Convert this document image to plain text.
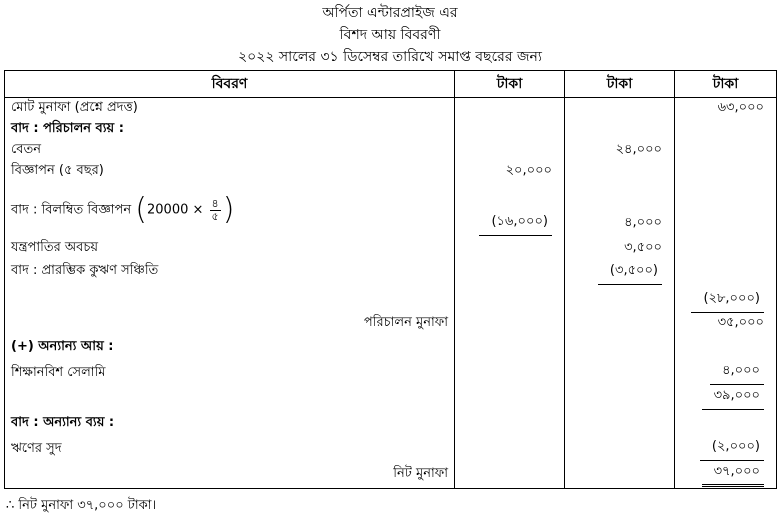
অর্পিতা এন্টারপ্রাইজ এর
বিশদ আয় বিবরণী
২০২২ সালের ৩১ ডিসেম্বর তারিখে সমাপ্ত বছরের জন্য
বিবরণ	টাকা	টাকা	টাকা
মোট মুনাফা (প্রশ্নে প্রদত্ত)			৬৩,০০০
বাদ : পরিচালন ব্যয় :			
বেতন		২৪,০০০	
বিজ্ঞাপন (৫ বছর)	২০,০০০		
বাদ : বিলম্বিত বিজ্ঞাপন ($20000 \times \frac{৪}{৫}$ )	(১৬,০০০)	৪,০০০	
যন্ত্রপাতির অবচয়		৩,৫০০	
বাদ : প্রারম্ভিক কুঋণ সঞ্চিতি		(৩,৫০০)	
			(২৮,০০০)
পরিচালন মুনাফা			৩৫,০০০
(+) অন্যান্য আয় :			
শিক্ষানবিশ সেলামি			৪,০০০
			৩৯,০০০
বাদ : অন্যান্য ব্যয় :			
ঋণের সুদ			(২,০০০)
নিট মুনাফা			৩৭,০০০
∴ নিট মুনাফা ৩৭,০০০ টাকা।
